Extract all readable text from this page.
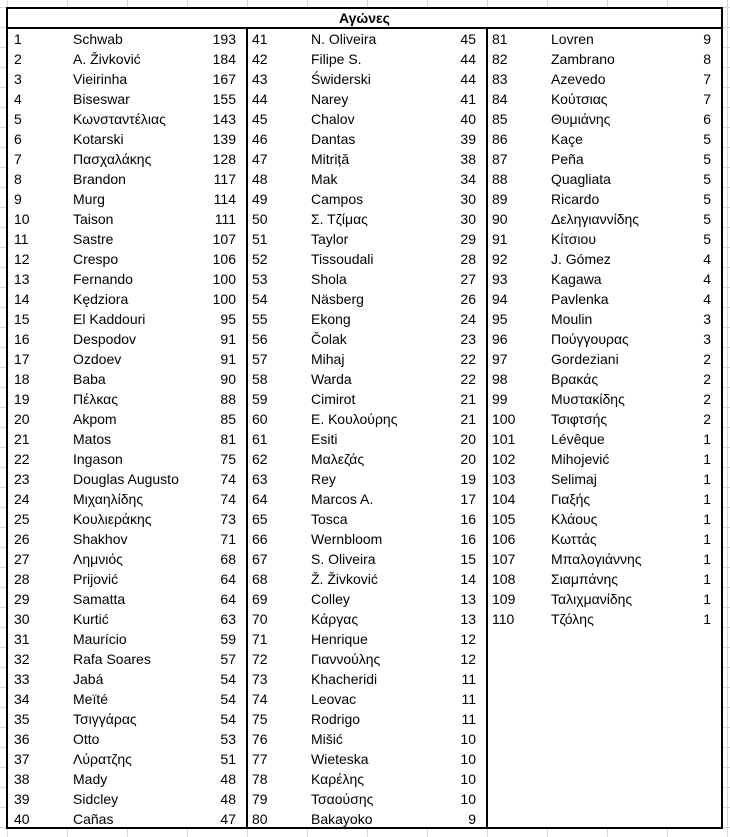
Αγώνες
1	Schwab	193
2	A. Živković	184
3	Vieirinha	167
4	Biseswar	155
5	Κωνσταντέλιας	143
6	Kotarski	139
7	Πασχαλάκης	128
8	Brandon	117
9	Murg	114
10	Taison	111
11	Sastre	107
12	Crespo	106
13	Fernando	100
14	Kędziora	100
15	El Kaddouri	95
16	Despodov	91
17	Ozdoev	91
18	Baba	90
19	Πέλκας	88
20	Akpom	85
21	Matos	81
22	Ingason	75
23	Douglas Augusto	74
24	Μιχαηλίδης	74
25	Κουλιεράκης	73
26	Shakhov	71
27	Λημνιός	68
28	Prijović	64
29	Samatta	64
30	Kurtić	63
31	Maurício	59
32	Rafa Soares	57
33	Jabá	54
34	Meïté	54
35	Τσιγγάρας	54
36	Otto	53
37	Λύρατζης	51
38	Mady	48
39	Sidcley	48
40	Cañas	47
41	N. Oliveira	45
42	Filipe S.	44
43	Świderski	44
44	Narey	41
45	Chalov	40
46	Dantas	39
47	Mitriță	38
48	Mak	34
49	Campos	30
50	Σ. Τζίμας	30
51	Taylor	29
52	Tissoudali	28
53	Shola	27
54	Näsberg	26
55	Ekong	24
56	Čolak	23
57	Mihaj	22
58	Warda	22
59	Cimirot	21
60	Ε. Κουλούρης	21
61	Esiti	20
62	Μαλεζάς	20
63	Rey	19
64	Marcos A.	17
65	Tosca	16
66	Wernbloom	16
67	S. Oliveira	15
68	Ž. Živković	14
69	Colley	13
70	Κάργας	13
71	Henrique	12
72	Γιαννούλης	12
73	Khacheridi	11
74	Leovac	11
75	Rodrigo	11
76	Mišić	10
77	Wieteska	10
78	Καρέλης	10
79	Τσαούσης	10
80	Bakayoko	9
81	Lovren	9
82	Zambrano	8
83	Azevedo	7
84	Κούτσιας	7
85	Θυμιάνης	6
86	Kaçe	5
87	Peña	5
88	Quagliata	5
89	Ricardo	5
90	Δεληγιαννίδης	5
91	Κίτσιου	5
92	J. Gómez	4
93	Kagawa	4
94	Pavlenka	4
95	Moulin	3
96	Πούγγουρας	3
97	Gordeziani	2
98	Βρακάς	2
99	Μυστακίδης	2
100	Τσιφτσής	2
101	Lévêque	1
102	Mihojević	1
103	Selimaj	1
104	Γιαξής	1
105	Κλάους	1
106	Κωττάς	1
107	Μπαλογιάννης	1
108	Σιαμπάνης	1
109	Ταλιχμανίδης	1
110	Τζόλης	1
